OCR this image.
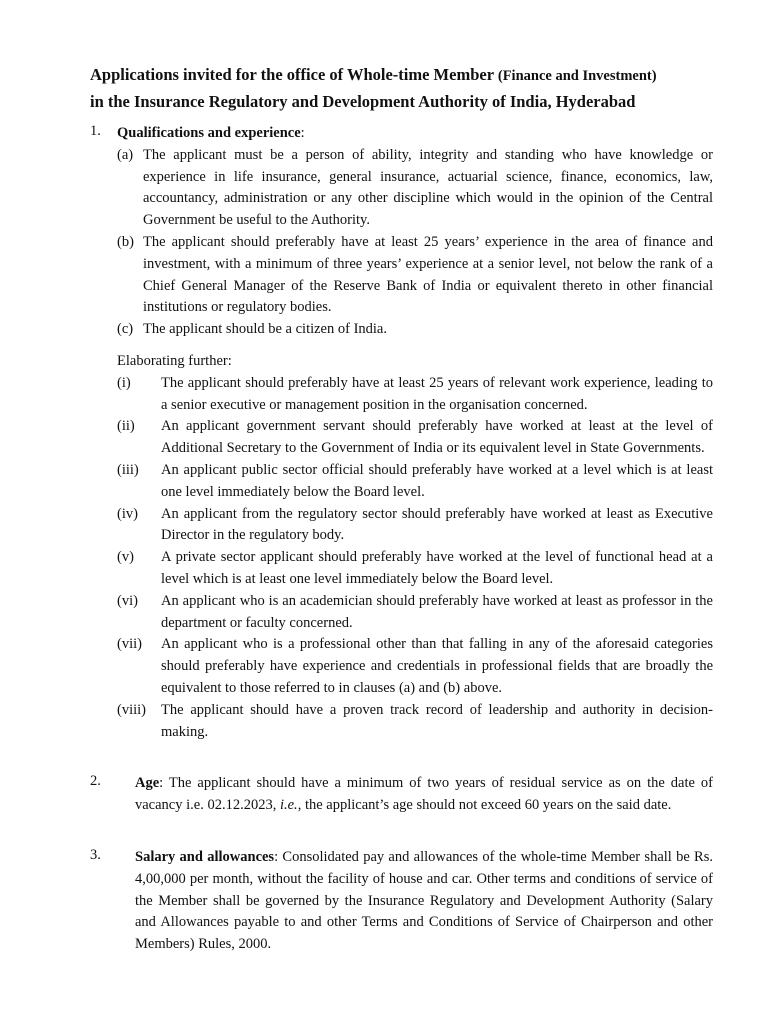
Applications invited for the office of Whole-time Member (Finance and Investment)
in the Insurance Regulatory and Development Authority of India, Hyderabad
1. Qualifications and experience:
(a) The applicant must be a person of ability, integrity and standing who have knowledge or experience in life insurance, general insurance, actuarial science, finance, economics, law, accountancy, administration or any other discipline which would in the opinion of the Central Government be useful to the Authority.
(b) The applicant should preferably have at least 25 years’ experience in the area of finance and investment, with a minimum of three years’ experience at a senior level, not below the rank of a Chief General Manager of the Reserve Bank of India or equivalent thereto in other financial institutions or regulatory bodies.
(c) The applicant should be a citizen of India.
Elaborating further:
(i)	The applicant should preferably have at least 25 years of relevant work experience, leading to a senior executive or management position in the organisation concerned.
(ii)	An applicant government servant should preferably have worked at least at the level of Additional Secretary to the Government of India or its equivalent level in State Governments.
(iii)	An applicant public sector official should preferably have worked at a level which is at least one level immediately below the Board level.
(iv)	An applicant from the regulatory sector should preferably have worked at least as Executive Director in the regulatory body.
(v)	A private sector applicant should preferably have worked at the level of functional head at a level which is at least one level immediately below the Board level.
(vi)	An applicant who is an academician should preferably have worked at least as professor in the department or faculty concerned.
(vii)	An applicant who is a professional other than that falling in any of the aforesaid categories should preferably have experience and credentials in professional fields that are broadly the equivalent to those referred to in clauses (a) and (b) above.
(viii)	The applicant should have a proven track record of leadership and authority in decision-making.
2. Age: The applicant should have a minimum of two years of residual service as on the date of vacancy i.e. 02.12.2023, i.e., the applicant’s age should not exceed 60 years on the said date.
3. Salary and allowances: Consolidated pay and allowances of the whole-time Member shall be Rs. 4,00,000 per month, without the facility of house and car. Other terms and conditions of service of the Member shall be governed by the Insurance Regulatory and Development Authority (Salary and Allowances payable to and other Terms and Conditions of Service of Chairperson and other Members) Rules, 2000.
